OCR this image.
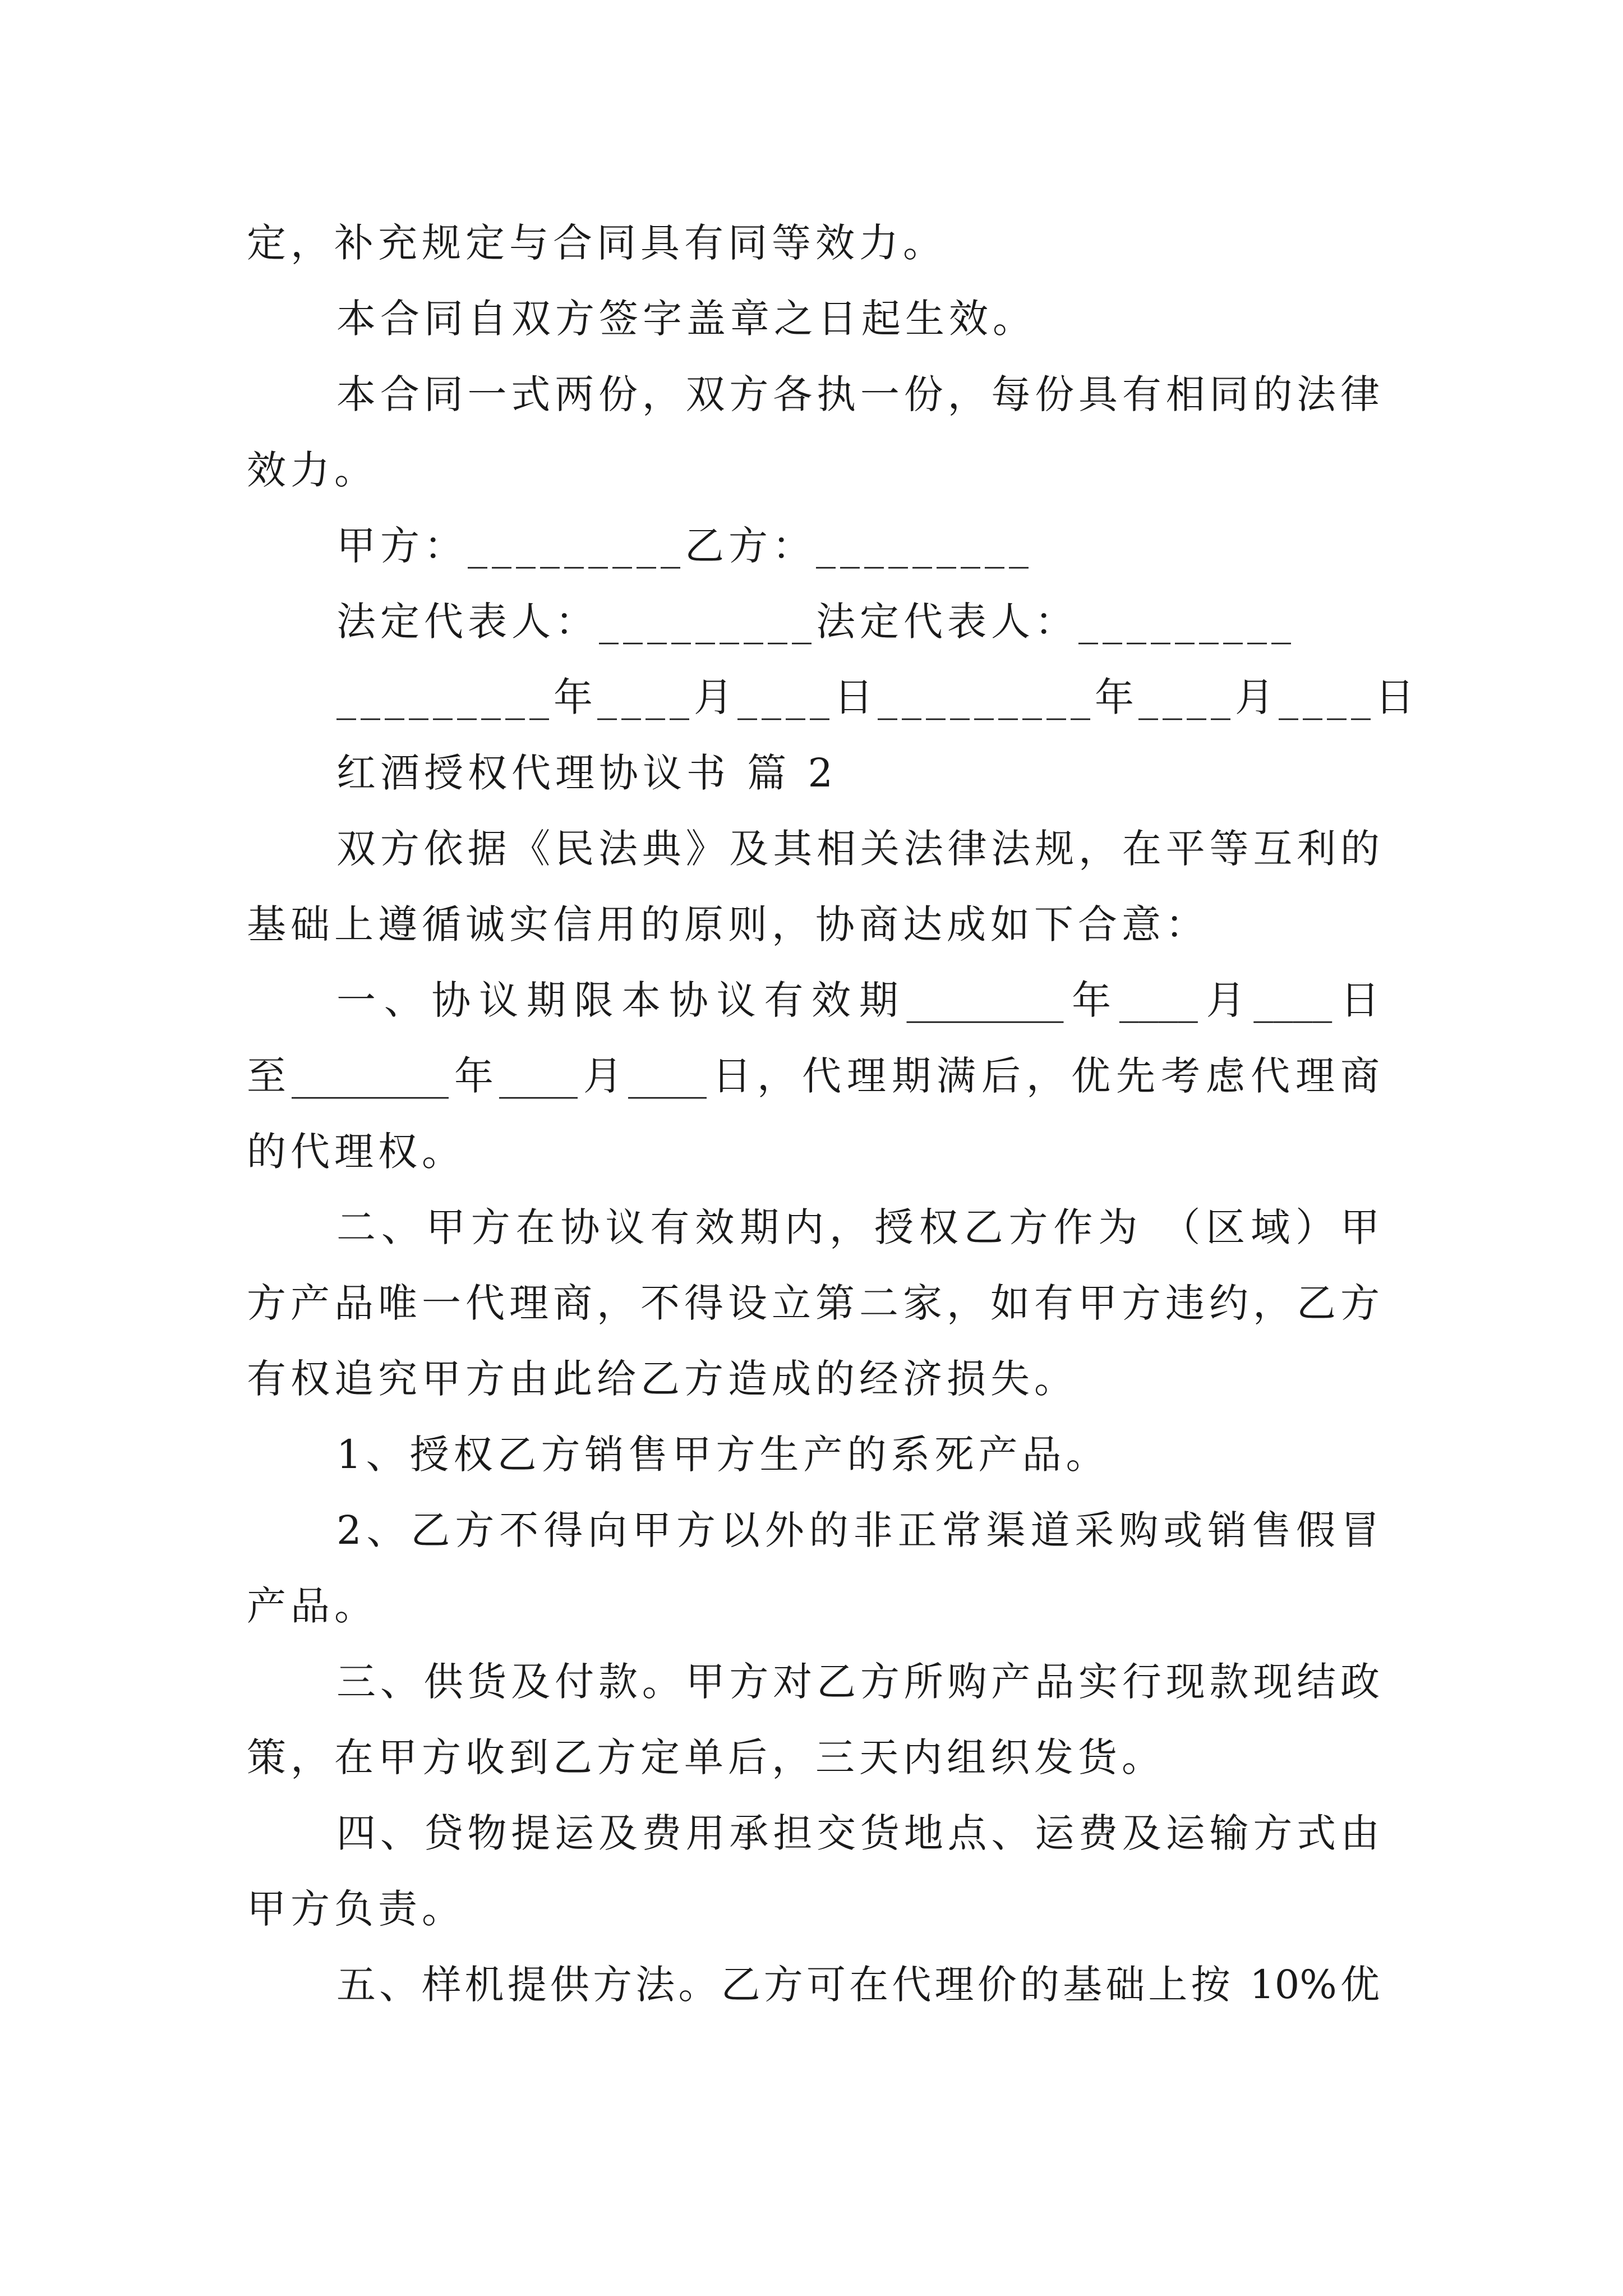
定，补充规定与合同具有同等效力。
本合同自双方签字盖章之日起生效。
本合同一式两份，双方各执一份，每份具有相同的法律
效力。
甲方：_________乙方：_________
法定代表人：_________法定代表人：_________
_________年____月____日_________年____月____日
红酒授权代理协议书 篇 2
双方依据《民法典》及其相关法律法规，在平等互利的
基础上遵循诚实信用的原则，协商达成如下合意：
一、协议期限本协议有效期________年____月____日
至________年____月____日，代理期满后，优先考虑代理商
的代理权。
二、甲方在协议有效期内，授权乙方作为 （区域）甲
方产品唯一代理商，不得设立第二家，如有甲方违约，乙方
有权追究甲方由此给乙方造成的经济损失。
1、授权乙方销售甲方生产的系死产品。
2、乙方不得向甲方以外的非正常渠道采购或销售假冒
产品。
三、供货及付款。甲方对乙方所购产品实行现款现结政
策，在甲方收到乙方定单后，三天内组织发货。
四、贷物提运及费用承担交货地点、运费及运输方式由
甲方负责。
五、样机提供方法。乙方可在代理价的基础上按 10%优
